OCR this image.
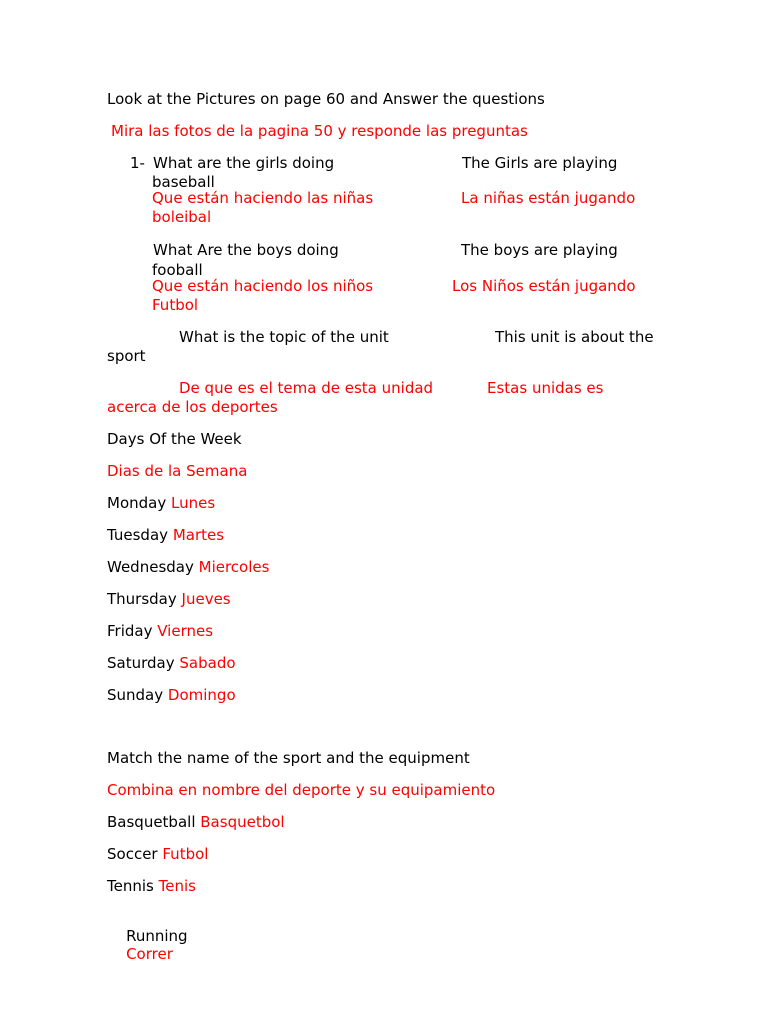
Look at the Pictures on page 60 and Answer the questions
Mira las fotos de la pagina 50 y responde las preguntas
1- What are the girls doing	The Girls are playing
baseball
Que están haciendo las niñas	La niñas están jugando
boleibal
What Are the boys doing	The boys are playing
fooball
Que están haciendo los niños	Los Niños están jugando
Futbol
What is the topic of the unit	This unit is about the
sport
De que es el tema de esta unidad	Estas unidas es
acerca de los deportes
Days Of the Week
Dias de la Semana
Monday Lunes
Tuesday Martes
Wednesday Miercoles
Thursday Jueves
Friday Viernes
Saturday Sabado
Sunday Domingo
Match the name of the sport and the equipment
Combina en nombre del deporte y su equipamiento
Basquetball Basquetbol
Soccer Futbol
Tennis Tenis

Running
Correr
